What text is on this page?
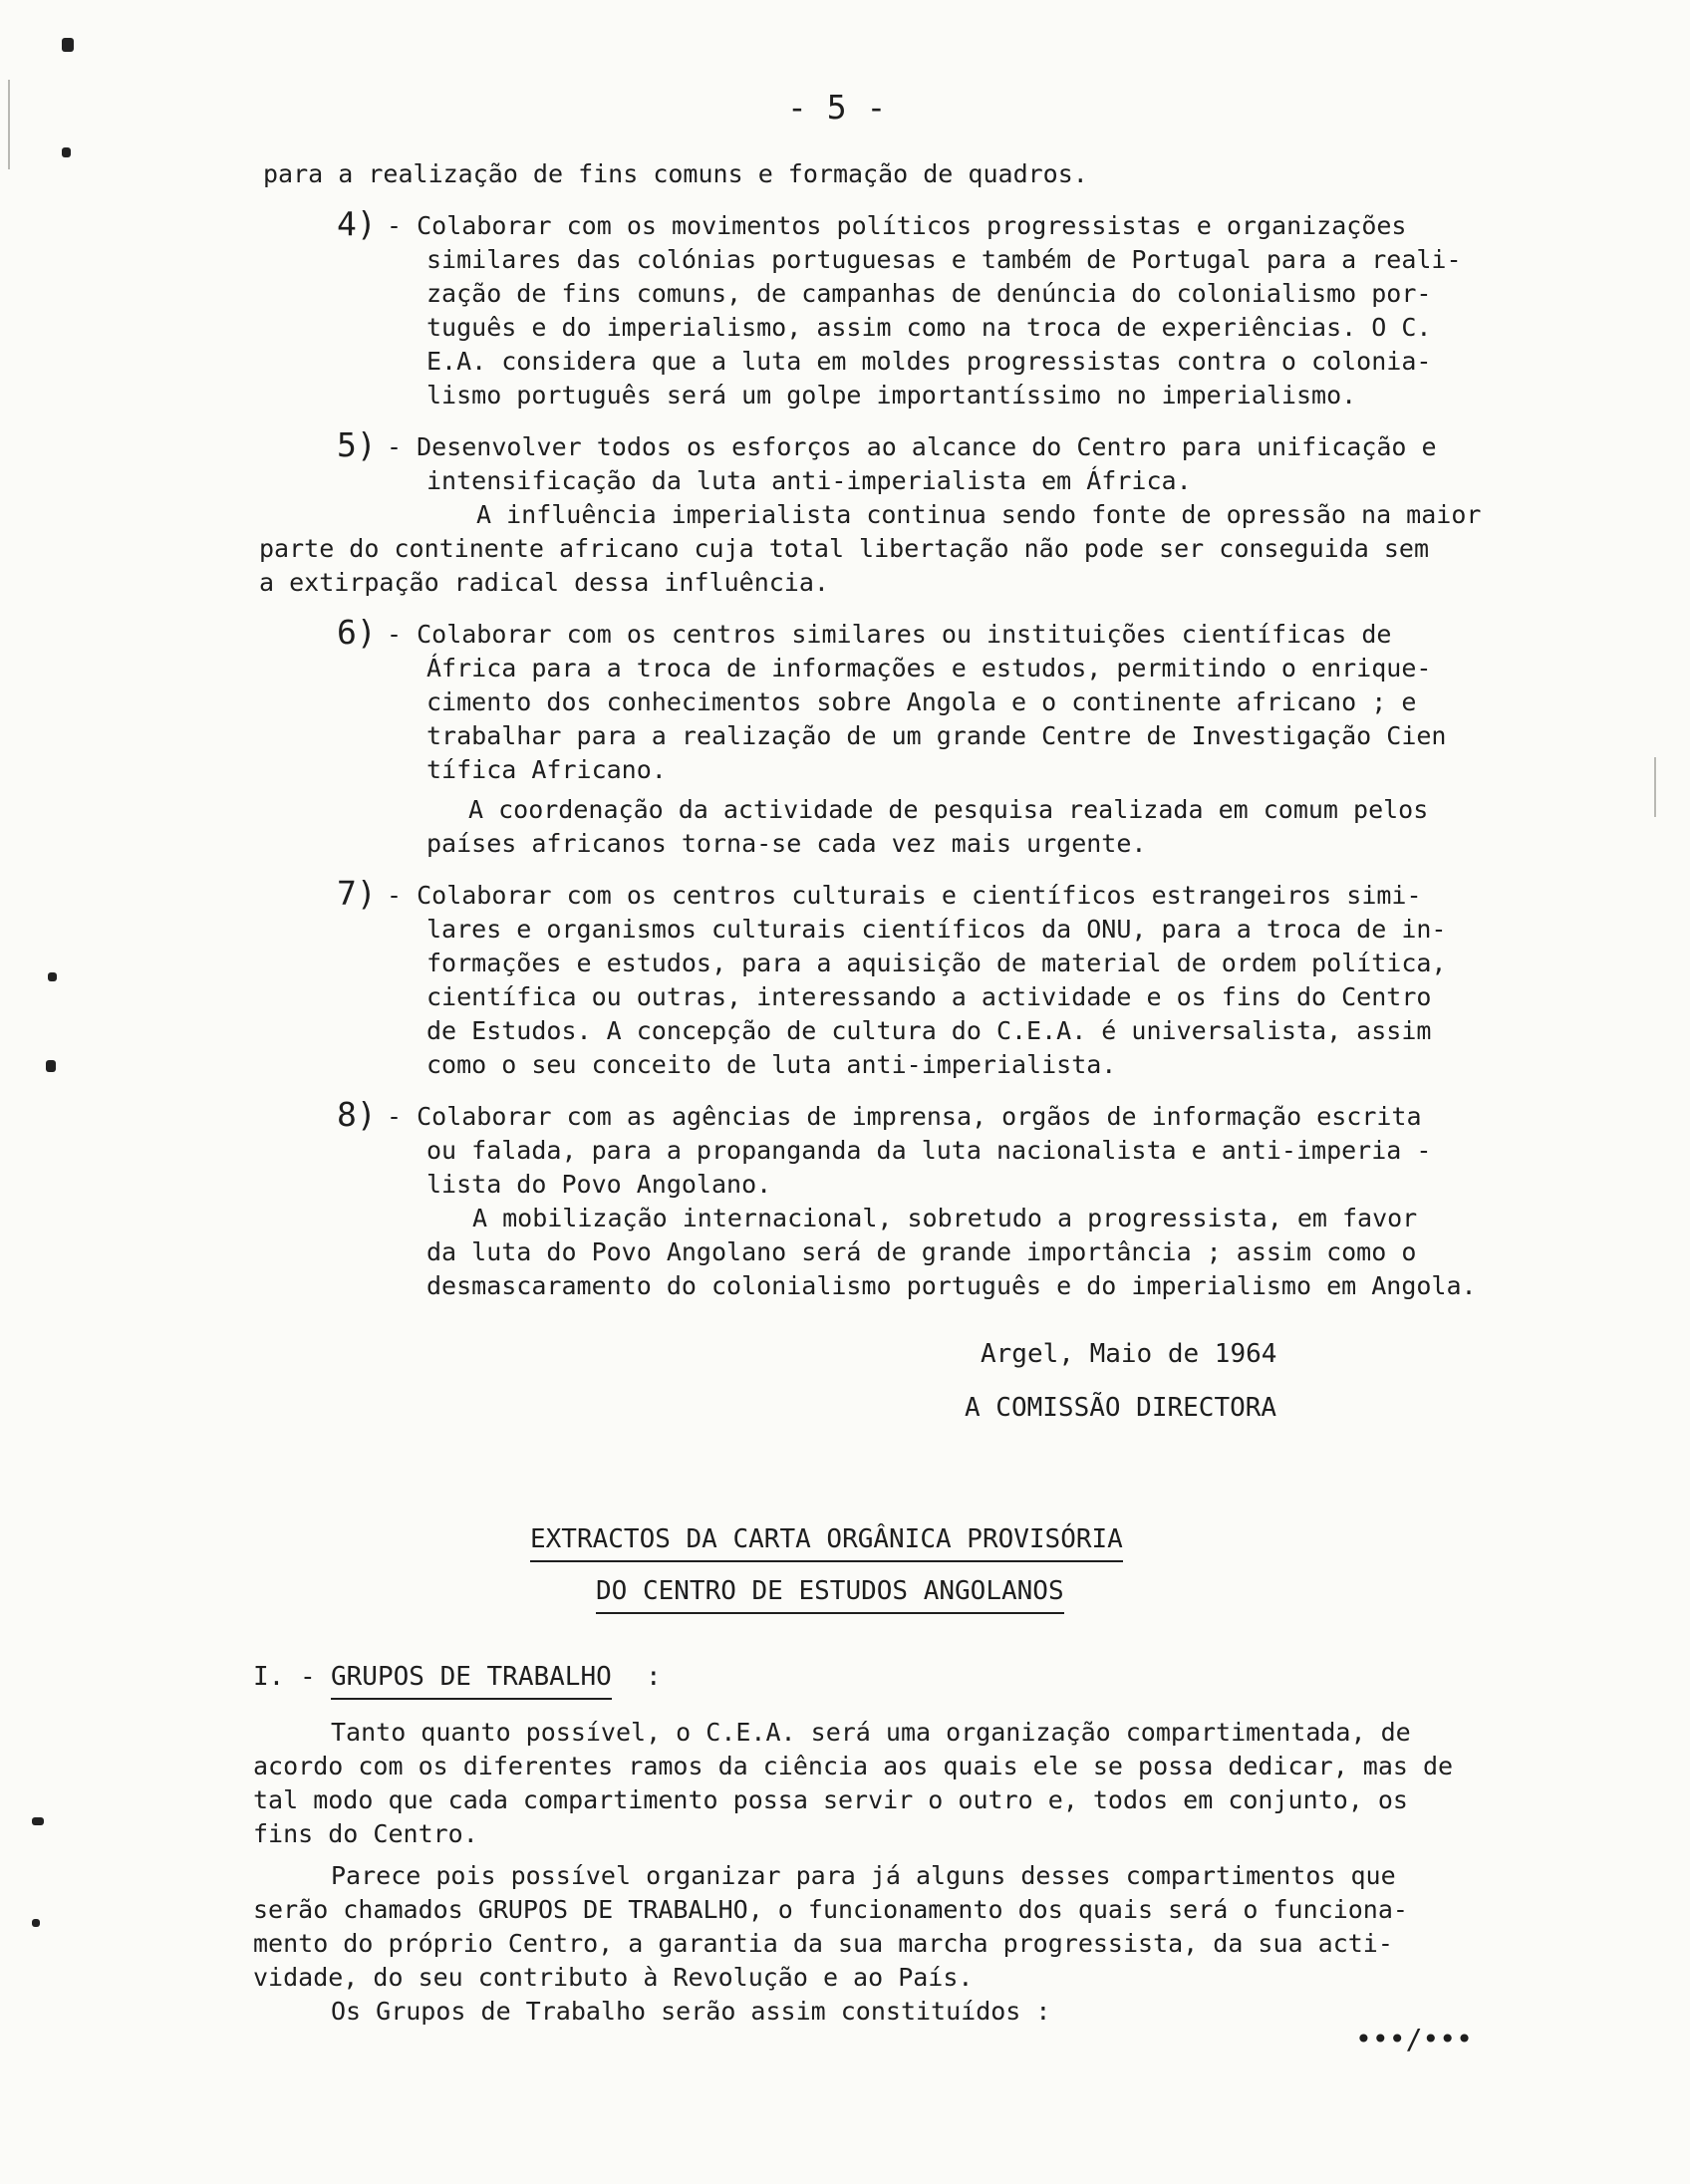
- 5 -
para a realização de fins comuns e formação de quadros.
4) - Colaborar com os movimentos políticos progressistas e organizações
similares das colónias portuguesas e também de Portugal para a reali-
zação de fins comuns, de campanhas de denúncia do colonialismo por-
tuguês e do imperialismo, assim como na troca de experiências. O C.
E.A. considera que a luta em moldes progressistas contra o colonia-
lismo português será um golpe importantíssimo no imperialismo.
5) - Desenvolver todos os esforços ao alcance do Centro para unificação e
intensificação da luta anti-imperialista em África.
A influência imperialista continua sendo fonte de opressão na maior
parte do continente africano cuja total libertação não pode ser conseguida sem
a extirpação radical dessa influência.
6) - Colaborar com os centros similares ou instituições científicas de
África para a troca de informações e estudos, permitindo o enrique-
cimento dos conhecimentos sobre Angola e o continente africano ; e
trabalhar para a realização de um grande Centre de Investigação Cien
tífica Africano.
A coordenação da actividade de pesquisa realizada em comum pelos
países africanos torna-se cada vez mais urgente.
7) - Colaborar com os centros culturais e científicos estrangeiros simi-
lares e organismos culturais científicos da ONU, para a troca de in-
formações e estudos, para a aquisição de material de ordem política,
científica ou outras, interessando a actividade e os fins do Centro
de Estudos. A concepção de cultura do C.E.A. é universalista, assim
como o seu conceito de luta anti-imperialista.
8) - Colaborar com as agências de imprensa, orgãos de informação escrita
ou falada, para a propanganda da luta nacionalista e anti-imperia -
lista do Povo Angolano.
A mobilização internacional, sobretudo a progressista, em favor
da luta do Povo Angolano será de grande importância ; assim como o
desmascaramento do colonialismo português e do imperialismo em Angola.
Argel, Maio de 1964
A COMISSÃO DIRECTORA
EXTRACTOS DA CARTA ORGÂNICA PROVISÓRIA
DO CENTRO DE ESTUDOS ANGOLANOS
I. - GRUPOS DE TRABALHO :
Tanto quanto possível, o C.E.A. será uma organização compartimentada, de
acordo com os diferentes ramos da ciência aos quais ele se possa dedicar, mas de
tal modo que cada compartimento possa servir o outro e, todos em conjunto, os
fins do Centro.
Parece pois possível organizar para já alguns desses compartimentos que
serão chamados GRUPOS DE TRABALHO, o funcionamento dos quais será o funciona-
mento do próprio Centro, a garantia da sua marcha progressista, da sua acti-
vidade, do seu contributo à Revolução e ao País.
Os Grupos de Trabalho serão assim constituídos :
•••/•••
